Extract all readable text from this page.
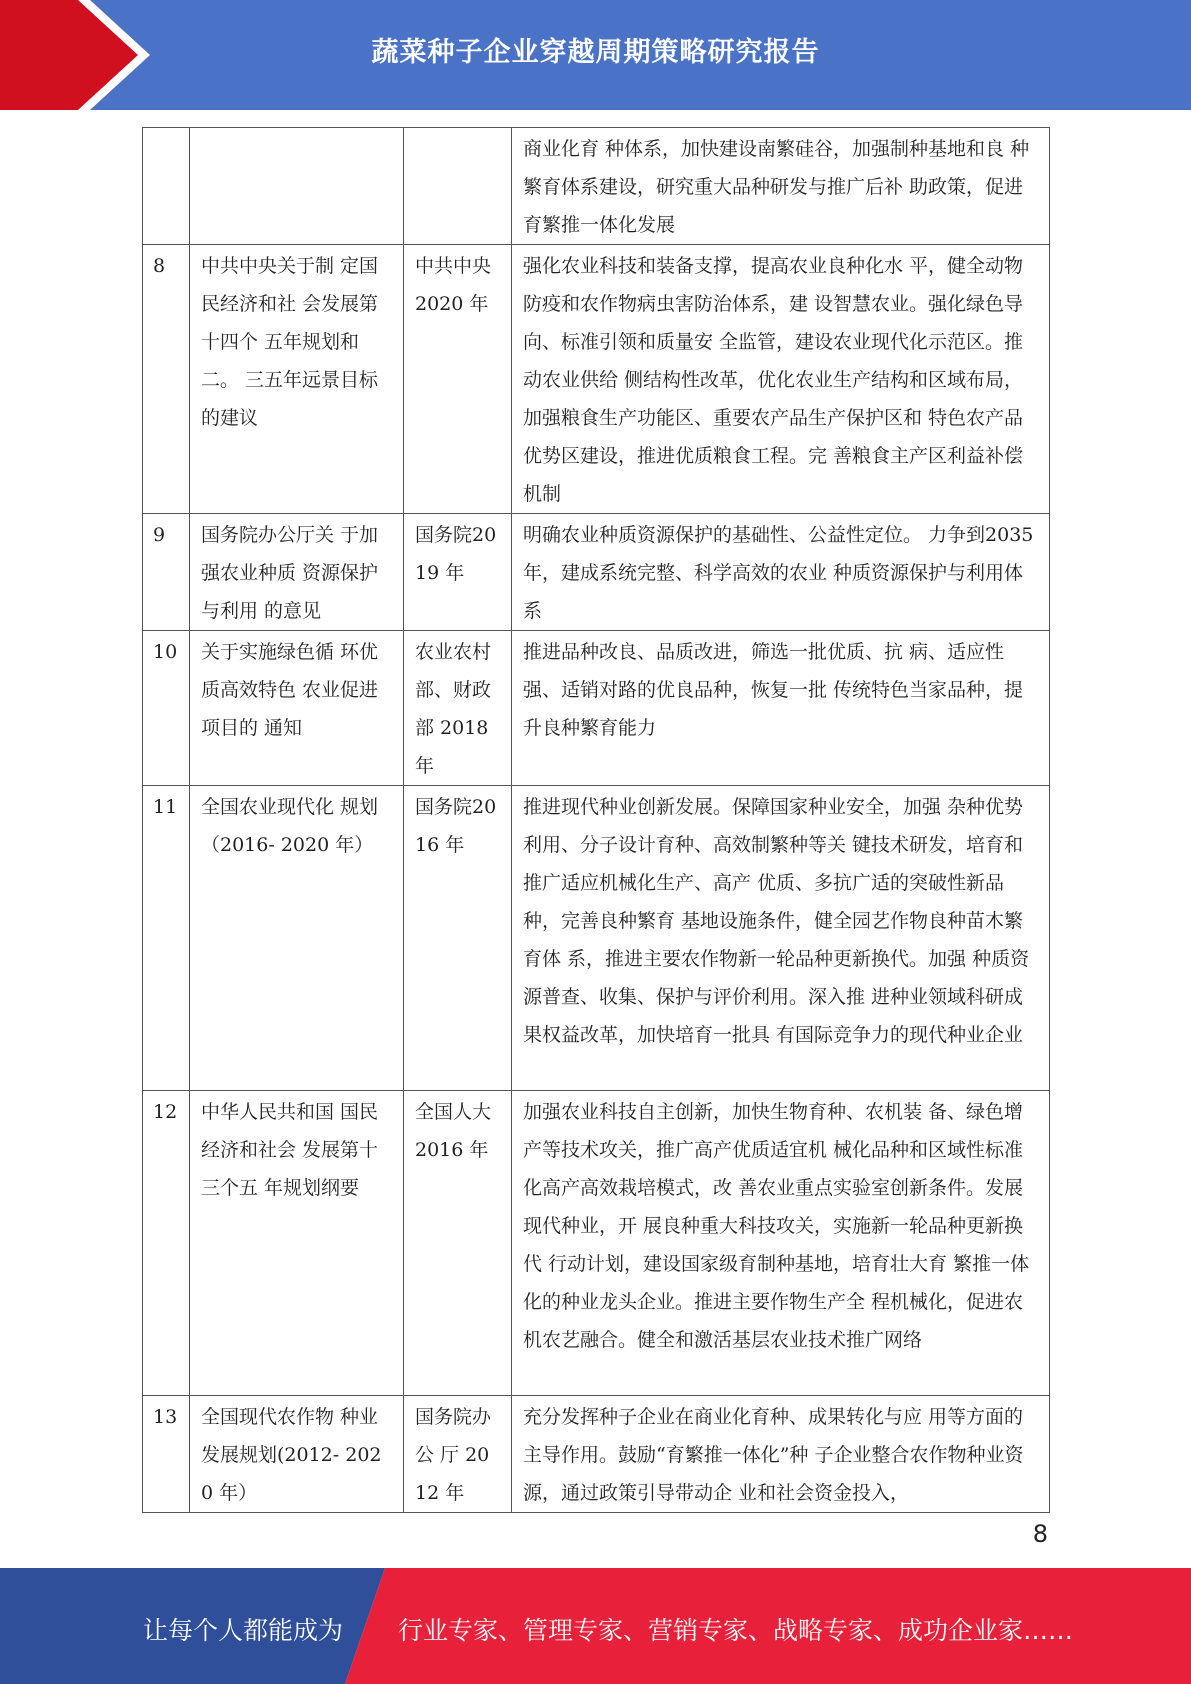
蔬菜种子企业穿越周期策略研究报告
			商业化育 种体系，加快建设南繁硅谷，加强制种基地和良 种繁育体系建设，研究重大品种研发与推广后补 助政策，促进育繁推一体化发展
8	中共中央关于制 定国民经济和社 会发展第十四个 五年规划和二。 三五年远景目标 的建议	中共中央2020 年	强化农业科技和装备支撑，提高农业良种化水 平，健全动物防疫和农作物病虫害防治体系，建 设智慧农业。强化绿色导向、标准引领和质量安 全监管，建设农业现代化示范区。推动农业供给 侧结构性改革，优化农业生产结构和区域布局， 加强粮食生产功能区、重要农产品生产保护区和 特色农产品优势区建设，推进优质粮食工程。完 善粮食主产区利益补偿机制
9	国务院办公厅关 于加强农业种质 资源保护与利用 的意见	国务院2019 年	明确农业种质资源保护的基础性、公益性定位。 力争到2035 年，建成系统完整、科学高效的农业 种质资源保护与利用体系
10	关于实施绿色循 环优质高效特色 农业促进项目的 通知	农业农村部、财政部 2018 年	推进品种改良、品质改进，筛选一批优质、抗 病、适应性强、适销对路的优良品种，恢复一批 传统特色当家品种，提升良种繁育能力
11	全国农业现代化 规划（2016- 2020 年）	国务院2016 年	推进现代种业创新发展。保障国家种业安全，加强 杂种优势利用、分子设计育种、高效制繁种等关 键技术研发，培育和推广适应机械化生产、高产 优质、多抗广适的突破性新品种，完善良种繁育 基地设施条件，健全园艺作物良种苗木繁育体 系，推进主要农作物新一轮品种更新换代。加强 种质资源普查、收集、保护与评价利用。深入推 进种业领域科研成果权益改革，加快培育一批具 有国际竞争力的现代种业企业
12	中华人民共和国 国民经济和社会 发展第十三个五 年规划纲要	全国人大2016 年	加强农业科技自主创新，加快生物育种、农机装 备、绿色增产等技术攻关，推广高产优质适宜机 械化品种和区域性标准化高产高效栽培模式，改 善农业重点实验室创新条件。发展现代种业，开 展良种重大科技攻关，实施新一轮品种更新换代 行动计划，建设国家级育制种基地，培育壮大育 繁推一体化的种业龙头企业。推进主要作物生产全 程机械化，促进农机农艺融合。健全和激活基层农业技术推广网络
13	全国现代农作物 种业发展规划(2012- 2020 年）	国务院办公 厅 2012 年	充分发挥种子企业在商业化育种、成果转化与应 用等方面的主导作用。鼓励“育繁推一体化”种 子企业整合农作物种业资源，通过政策引导带动企 业和社会资金投入，
8
让每个人都能成为 行业专家、管理专家、营销专家、战略专家、成功企业家……
